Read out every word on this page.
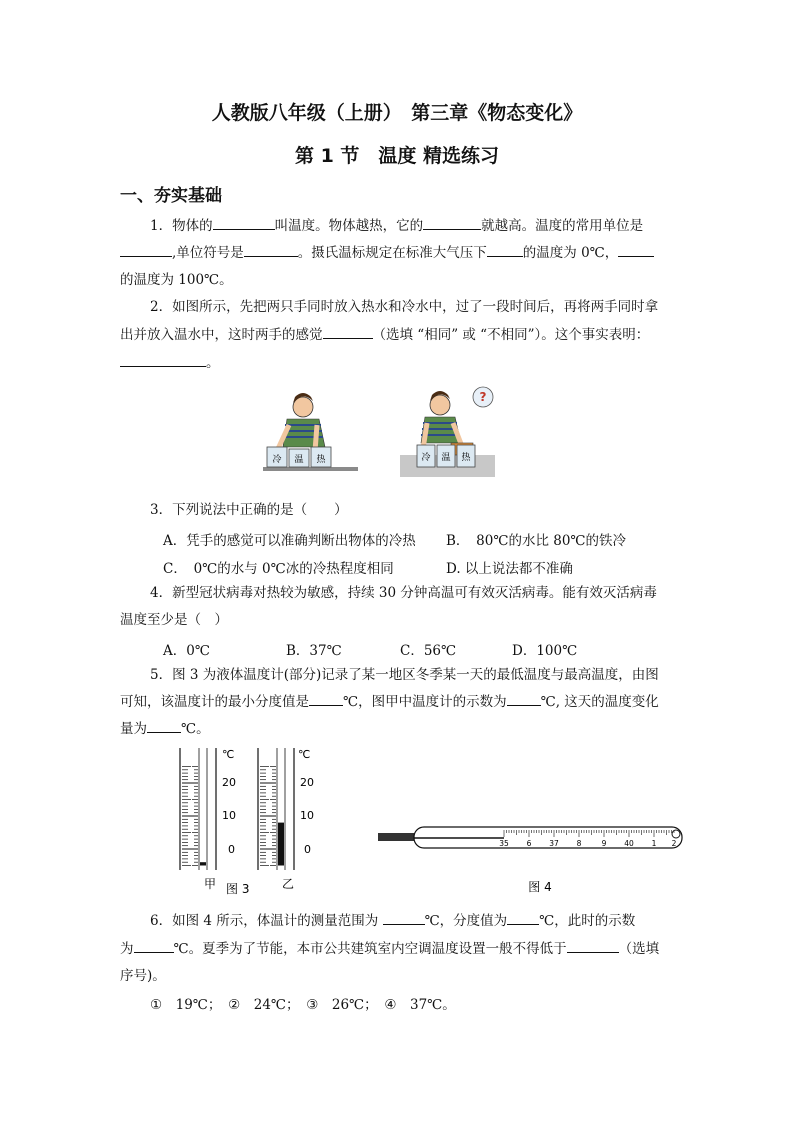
人教版八年级（上册）　第三章《物态变化》
第 1 节　温度 精选练习
一、夯实基础
1．物体的	叫温度。物体越热，它的	就越高。温度的常用单位是
,单位符号是	。摄氏温标规定在标准大气压下	的温度为 0℃，
的温度为 100℃。
2．如图所示，先把两只手同时放入热水和冷水中，过了一段时间后，再将两手同时拿
出并放入温水中，这时两手的感觉	（选填 “相同” 或 “不相同”）。这个事实表明：
。
冷 温 热
?
冷 温 热
3．下列说法中正确的是（　　）
A．凭手的感觉可以准确判断出物体的冷热 B．　80℃的水比 80℃的铁冷
C．　0℃的水与 0℃冰的冷热程度相同	D. 以上说法都不准确
4．新型冠状病毒对热较为敏感，持续 30 分钟高温可有效灭活病毒。能有效灭活病毒
温度至少是（　）
A．0℃	B．37℃	C．56℃	D．100℃
5．图 3 为液体温度计(部分)记录了某一地区冬季某一天的最低温度与最高温度，由图
可知，该温度计的最小分度值是	℃，图甲中温度计的示数为	℃, 这天的温度变化
量为	℃。
℃
20
10
0
℃
20
10
0
甲 图 3	乙
35 6 37 8	9 40 1 2
图 4
6．如图 4 所示，体温计的测量范围为	℃，分度值为 ℃，此时的示数
为	℃。夏季为了节能，本市公共建筑室内空调温度设置一般不得低于	（选填
序号)。
①　19℃；　②　24℃；　③　26℃；　④　37℃。
